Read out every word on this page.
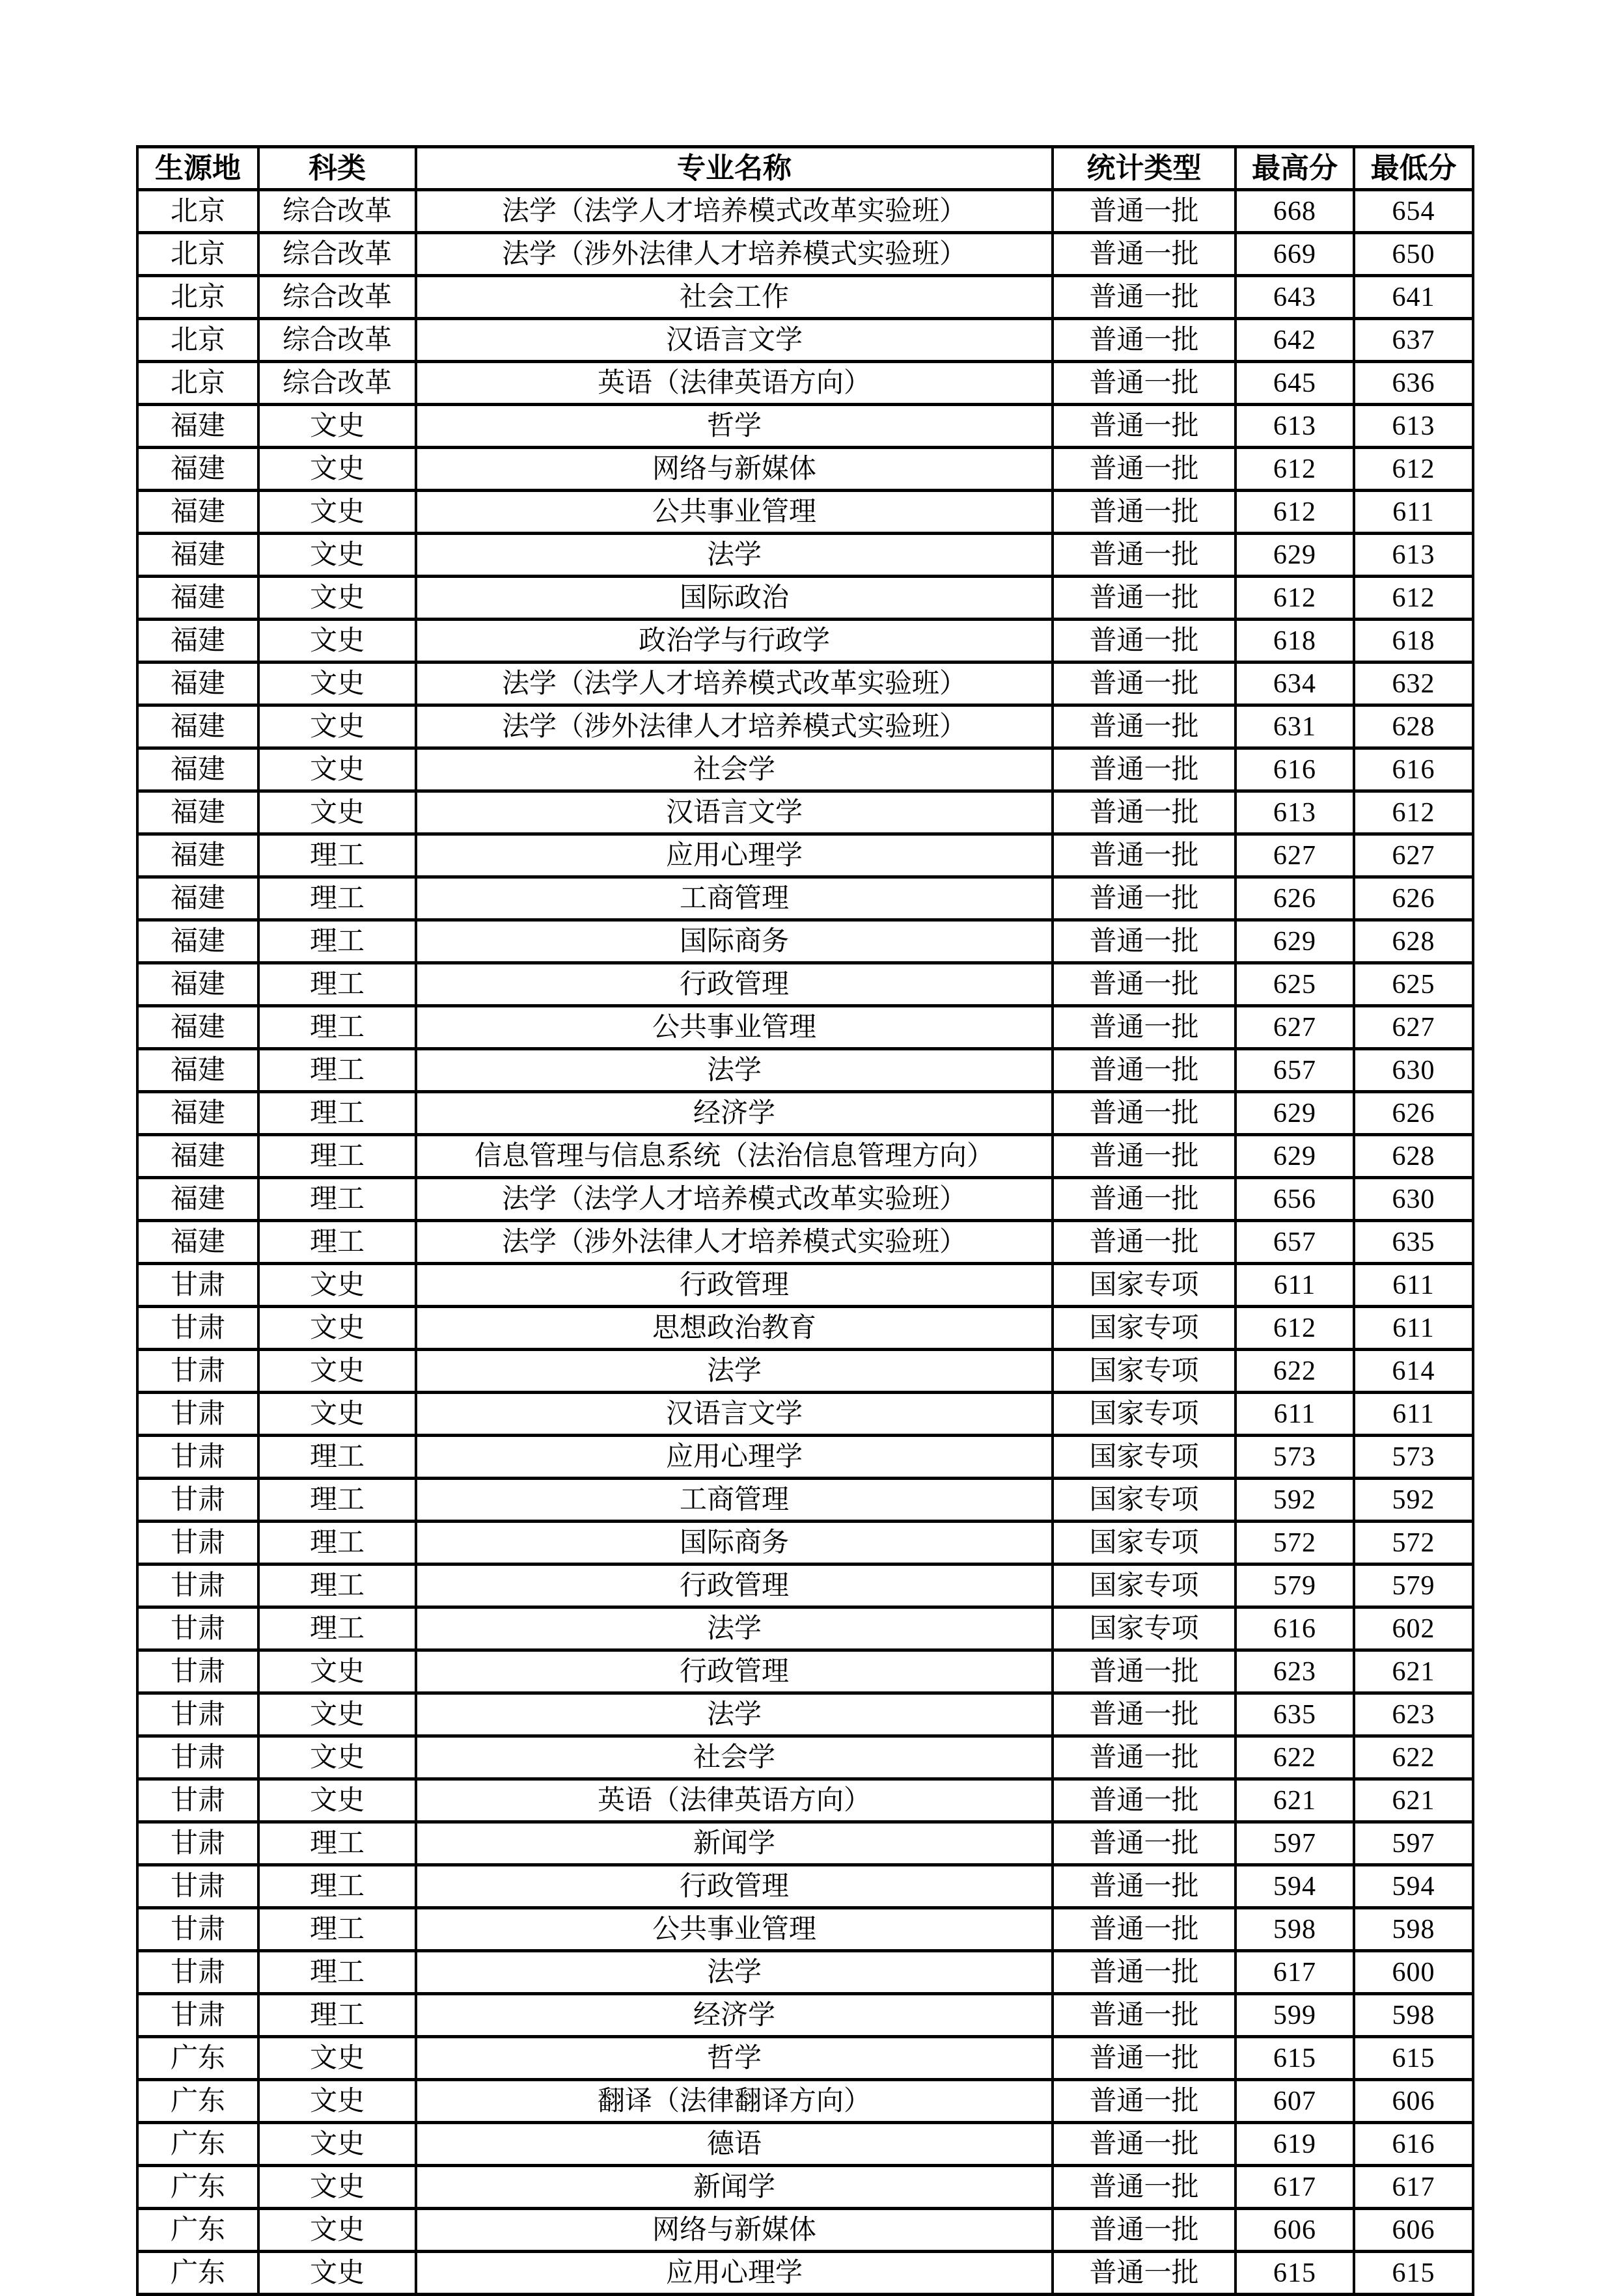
生源地	科类	专业名称	统计类型	最高分	最低分
北京	综合改革	法学（法学人才培养模式改革实验班）	普通一批	668	654
北京	综合改革	法学（涉外法律人才培养模式实验班）	普通一批	669	650
北京	综合改革	社会工作	普通一批	643	641
北京	综合改革	汉语言文学	普通一批	642	637
北京	综合改革	英语（法律英语方向）	普通一批	645	636
福建	文史	哲学	普通一批	613	613
福建	文史	网络与新媒体	普通一批	612	612
福建	文史	公共事业管理	普通一批	612	611
福建	文史	法学	普通一批	629	613
福建	文史	国际政治	普通一批	612	612
福建	文史	政治学与行政学	普通一批	618	618
福建	文史	法学（法学人才培养模式改革实验班）	普通一批	634	632
福建	文史	法学（涉外法律人才培养模式实验班）	普通一批	631	628
福建	文史	社会学	普通一批	616	616
福建	文史	汉语言文学	普通一批	613	612
福建	理工	应用心理学	普通一批	627	627
福建	理工	工商管理	普通一批	626	626
福建	理工	国际商务	普通一批	629	628
福建	理工	行政管理	普通一批	625	625
福建	理工	公共事业管理	普通一批	627	627
福建	理工	法学	普通一批	657	630
福建	理工	经济学	普通一批	629	626
福建	理工	信息管理与信息系统（法治信息管理方向）	普通一批	629	628
福建	理工	法学（法学人才培养模式改革实验班）	普通一批	656	630
福建	理工	法学（涉外法律人才培养模式实验班）	普通一批	657	635
甘肃	文史	行政管理	国家专项	611	611
甘肃	文史	思想政治教育	国家专项	612	611
甘肃	文史	法学	国家专项	622	614
甘肃	文史	汉语言文学	国家专项	611	611
甘肃	理工	应用心理学	国家专项	573	573
甘肃	理工	工商管理	国家专项	592	592
甘肃	理工	国际商务	国家专项	572	572
甘肃	理工	行政管理	国家专项	579	579
甘肃	理工	法学	国家专项	616	602
甘肃	文史	行政管理	普通一批	623	621
甘肃	文史	法学	普通一批	635	623
甘肃	文史	社会学	普通一批	622	622
甘肃	文史	英语（法律英语方向）	普通一批	621	621
甘肃	理工	新闻学	普通一批	597	597
甘肃	理工	行政管理	普通一批	594	594
甘肃	理工	公共事业管理	普通一批	598	598
甘肃	理工	法学	普通一批	617	600
甘肃	理工	经济学	普通一批	599	598
广东	文史	哲学	普通一批	615	615
广东	文史	翻译（法律翻译方向）	普通一批	607	606
广东	文史	德语	普通一批	619	616
广东	文史	新闻学	普通一批	617	617
广东	文史	网络与新媒体	普通一批	606	606
广东	文史	应用心理学	普通一批	615	615
